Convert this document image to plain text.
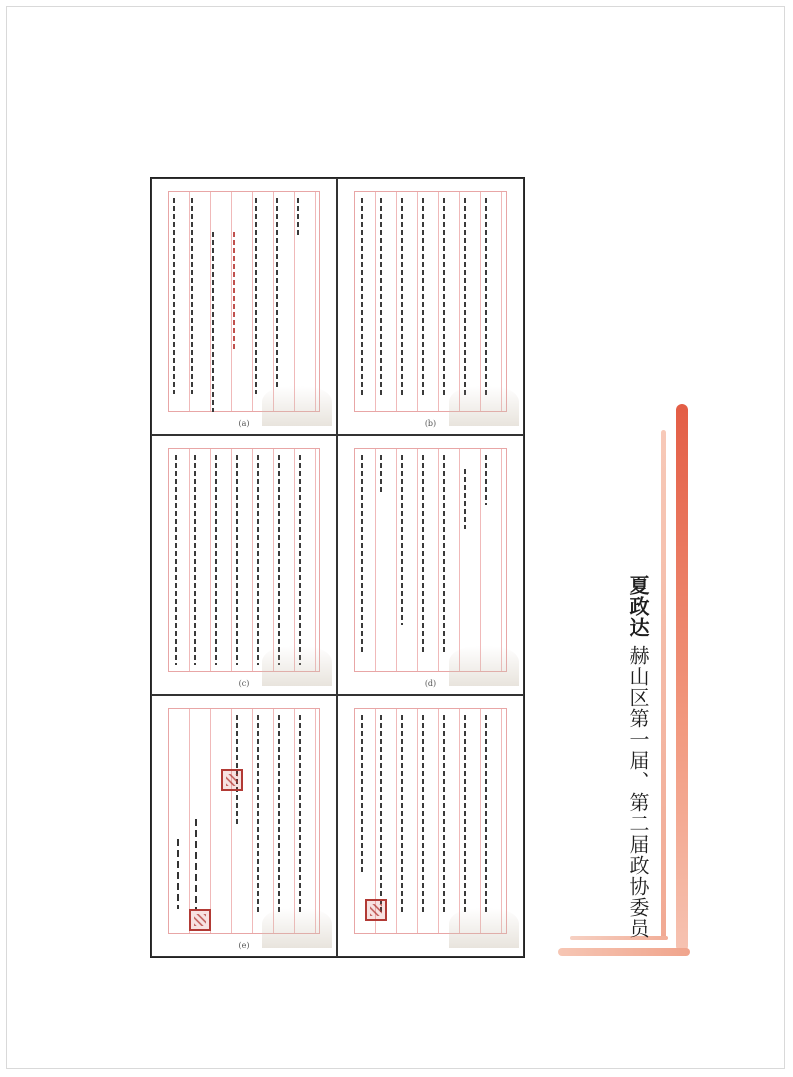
(a)	(b)
(c)	(d)
(e)
夏政达
赫山区第一届、第二届政协委员
